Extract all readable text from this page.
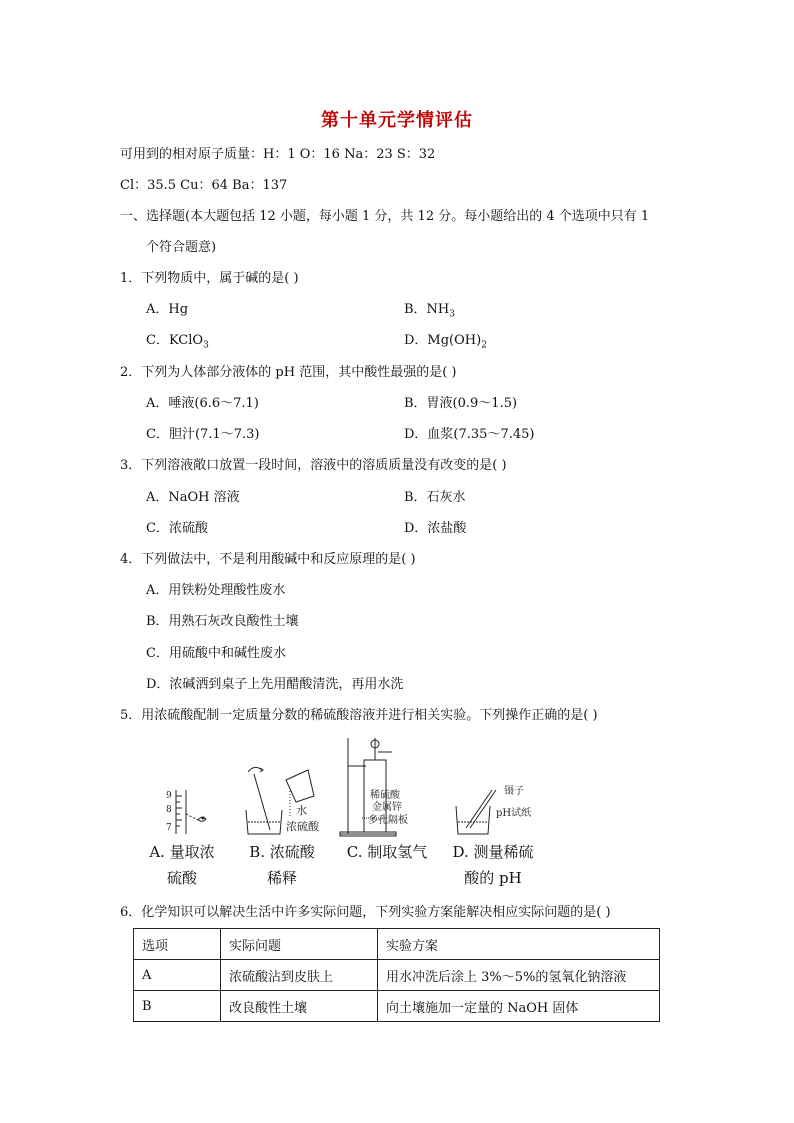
第十单元学情评估
可用到的相对原子质量：H：1 O：16 Na：23 S：32
Cl：35.5 Cu：64 Ba：137
一、选择题(本大题包括 12 小题，每小题 1 分，共 12 分。每小题给出的 4 个选项中只有 1
个符合题意)
1．下列物质中，属于碱的是( )
A．Hg	B．$NH_3$
C．KClO$_3$	D．$Mg(OH)_2$
2．下列为人体部分液体的 pH 范围，其中酸性最强的是( )
A．唾液(6.6～7.1)	B．胃液(0.9～1.5)
C．胆汁(7.1～7.3)	D．血浆(7.35～7.45)
3．下列溶液敞口放置一段时间，溶液中的溶质质量没有改变的是( )
A．NaOH 溶液	B．石灰水
C．浓硫酸	D．浓盐酸
4．下列做法中，不是利用酸碱中和反应原理的是( )
A．用铁粉处理酸性废水
B．用熟石灰改良酸性土壤
C．用硫酸中和碱性废水
D．浓碱洒到桌子上先用醋酸清洗，再用水洗
5．用浓硫酸配制一定质量分数的稀硫酸溶液并进行相关实验。下列操作正确的是( )
9
8
7
水
浓硫酸
稀硫酸
金属锌
多孔隔板
镊子
pH试纸
A. 量取浓
硫酸
B. 浓硫酸
稀释
C. 制取氢气	D. 测量稀硫
酸的 pH
6．化学知识可以解决生活中许多实际问题，下列实验方案能解决相应实际问题的是( )
选项	实际问题	实验方案
A	浓硫酸沾到皮肤上	用水冲洗后涂上 3%～5%的氢氧化钠溶液
B	改良酸性土壤	向土壤施加一定量的 NaOH 固体
